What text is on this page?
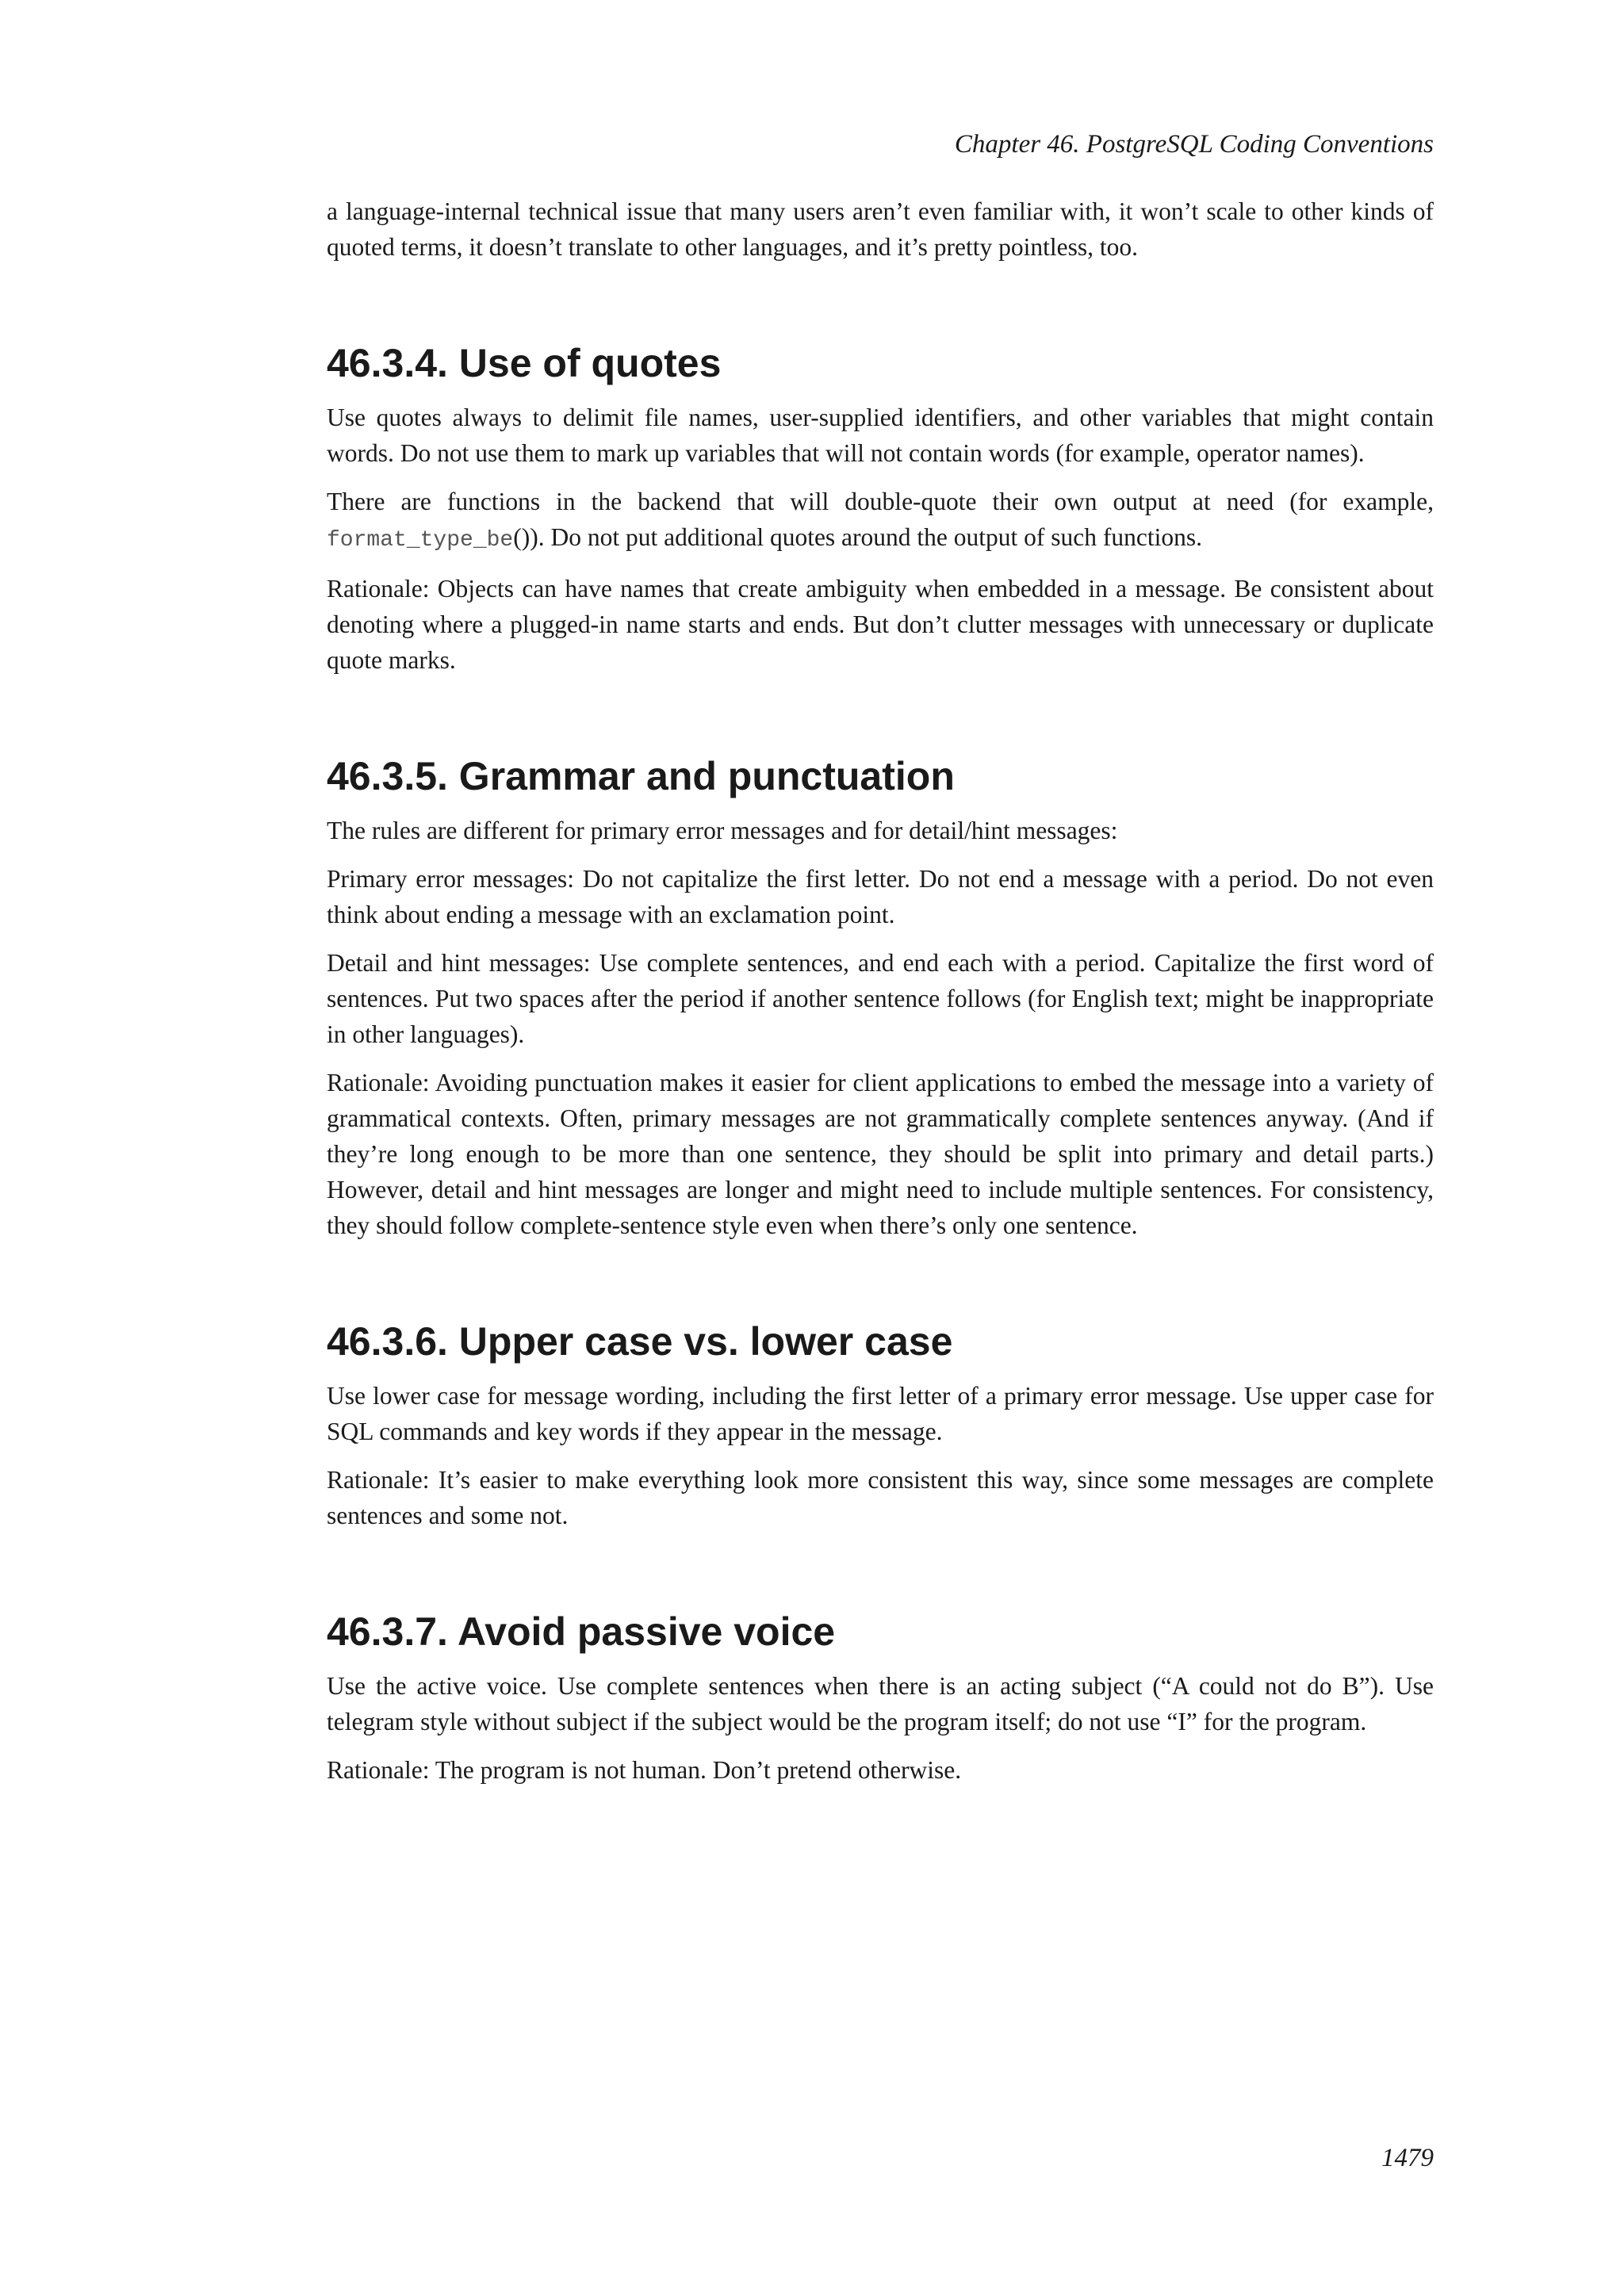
Chapter 46. PostgreSQL Coding Conventions

a language-internal technical issue that many users aren’t even familiar with, it won’t scale to other kinds of quoted terms, it doesn’t translate to other languages, and it’s pretty pointless, too.

46.3.4. Use of quotes

Use quotes always to delimit file names, user-supplied identifiers, and other variables that might contain words. Do not use them to mark up variables that will not contain words (for example, operator names).

There are functions in the backend that will double-quote their own output at need (for example, format_type_be()). Do not put additional quotes around the output of such functions.

Rationale: Objects can have names that create ambiguity when embedded in a message. Be consistent about denoting where a plugged-in name starts and ends. But don’t clutter messages with unnecessary or duplicate quote marks.

46.3.5. Grammar and punctuation

The rules are different for primary error messages and for detail/hint messages:

Primary error messages: Do not capitalize the first letter. Do not end a message with a period. Do not even think about ending a message with an exclamation point.

Detail and hint messages: Use complete sentences, and end each with a period. Capitalize the first word of sentences. Put two spaces after the period if another sentence follows (for English text; might be inappropriate in other languages).

Rationale: Avoiding punctuation makes it easier for client applications to embed the message into a variety of grammatical contexts. Often, primary messages are not grammatically complete sentences anyway. (And if they’re long enough to be more than one sentence, they should be split into primary and detail parts.) However, detail and hint messages are longer and might need to include multiple sentences. For consistency, they should follow complete-sentence style even when there’s only one sentence.

46.3.6. Upper case vs. lower case

Use lower case for message wording, including the first letter of a primary error message. Use upper case for SQL commands and key words if they appear in the message.

Rationale: It’s easier to make everything look more consistent this way, since some messages are complete sentences and some not.

46.3.7. Avoid passive voice

Use the active voice. Use complete sentences when there is an acting subject (“A could not do B”). Use telegram style without subject if the subject would be the program itself; do not use “I” for the program.

Rationale: The program is not human. Don’t pretend otherwise.

1479
